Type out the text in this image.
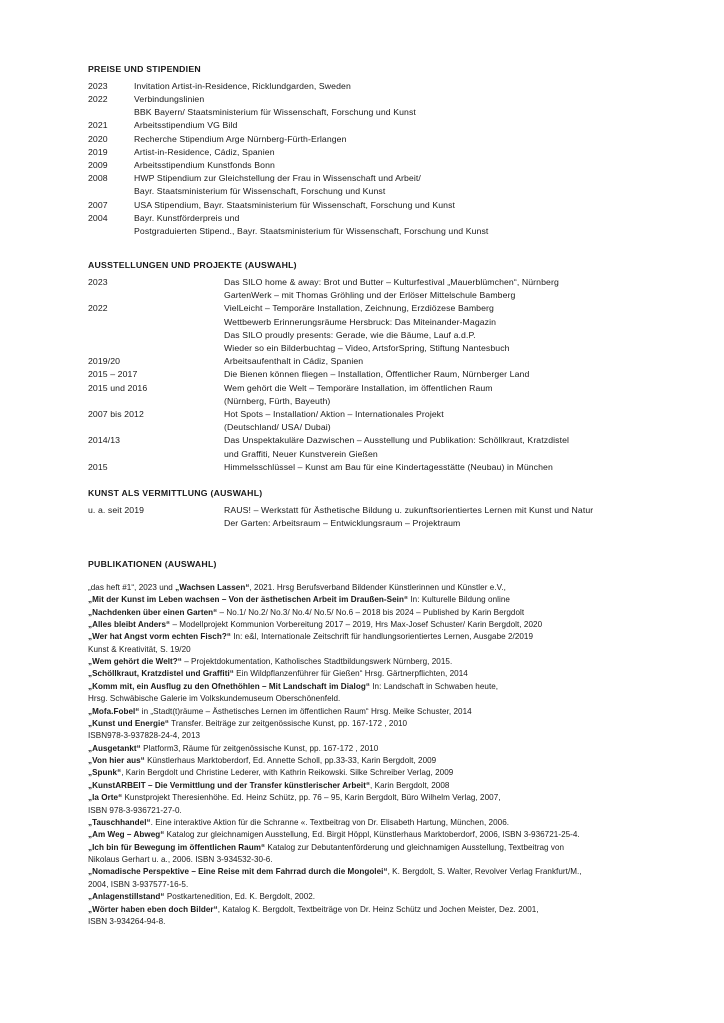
PREISE UND STIPENDIEN
2023	Invitation Artist-in-Residence, Ricklundgarden, Sweden
2022	Verbindungslinien
BBK Bayern/ Staatsministerium für Wissenschaft, Forschung und Kunst
2021	Arbeitsstipendium VG Bild
2020	Recherche Stipendium Arge Nürnberg-Fürth-Erlangen
2019	Artist-in-Residence, Cádiz, Spanien
2009	Arbeitsstipendium Kunstfonds Bonn
2008	HWP Stipendium zur Gleichstellung der Frau in Wissenschaft und Arbeit/
Bayr. Staatsministerium für Wissenschaft, Forschung und Kunst
2007	USA Stipendium, Bayr. Staatsministerium für Wissenschaft, Forschung und Kunst
2004	Bayr. Kunstförderpreis und
Postgraduierten Stipend., Bayr. Staatsministerium für Wissenschaft, Forschung und Kunst
AUSSTELLUNGEN UND PROJEKTE (AUSWAHL)
2023	Das SILO home & away: Brot und Butter – Kulturfestival „Mauerblümchen“, Nürnberg
GartenWerk – mit Thomas Gröhling und der Erlöser Mittelschule Bamberg
2022	VielLeicht – Temporäre Installation, Zeichnung, Erzdiözese Bamberg
Wettbewerb Erinnerungsräume Hersbruck: Das Miteinander-Magazin
Das SILO proudly presents: Gerade, wie die Bäume, Lauf a.d.P.
Wieder so ein Bilderbuchtag – Video, ArtsforSpring, Stiftung Nantesbuch
2019/20	Arbeitsaufenthalt in Cádiz, Spanien
2015 – 2017	Die Bienen können fliegen – Installation, Öffentlicher Raum, Nürnberger Land
2015 und 2016	Wem gehört die Welt – Temporäre Installation, im öffentlichen Raum
(Nürnberg, Fürth, Bayeuth)
2007 bis 2012	Hot Spots – Installation/ Aktion – Internationales Projekt
(Deutschland/ USA/ Dubai)
2014/13	Das Unspektakuläre Dazwischen – Ausstellung und Publikation: Schöllkraut, Kratzdistel
und Graffiti, Neuer Kunstverein Gießen
2015	Himmelsschlüssel – Kunst am Bau für eine Kindertagesstätte (Neubau) in München
KUNST ALS VERMITTLUNG (AUSWAHL)
u. a. seit 2019	RAUS! – Werkstatt für Ästhetische Bildung u. zukunftsorientiertes Lernen mit Kunst und Natur
Der Garten: Arbeitsraum – Entwicklungsraum – Projektraum
PUBLIKATIONEN (AUSWAHL)
„das heft #1“, 2023 und „Wachsen Lassen“, 2021. Hrsg Berufsverband Bildender Künstlerinnen und Künstler e.V.,
„Mit der Kunst im Leben wachsen – Von der ästhetischen Arbeit im Draußen-Sein“ In: Kulturelle Bildung online
„Nachdenken über einen Garten“ – No.1/ No.2/ No.3/ No.4/ No.5/ No.6 – 2018 bis 2024 – Published by Karin Bergdolt
„Alles bleibt Anders“ – Modellprojekt Kommunion Vorbereitung 2017 – 2019, Hrs Max-Josef Schuster/ Karin Bergdolt, 2020
„Wer hat Angst vorm echten Fisch?“ In: e&l, Internationale Zeitschrift für handlungsorientiertes Lernen, Ausgabe 2/2019
Kunst & Kreativität, S. 19/20
„Wem gehört die Welt?“ – Projektdokumentation, Katholisches Stadtbildungswerk Nürnberg, 2015.
„Schöllkraut, Kratzdistel und Graffiti“ Ein Wildpflanzenführer für Gießen“ Hrsg. Gärtnerpflichten, 2014
„Komm mit, ein Ausflug zu den Ofnethöhlen – Mit Landschaft im Dialog“ In: Landschaft in Schwaben heute,
Hrsg. Schwäbische Galerie im Volkskundemuseum Oberschönenfeld.
„Mofa.Fobel“ in „Stadt(t)räume – Ästhetisches Lernen im öffentlichen Raum“ Hrsg. Meike Schuster, 2014
„Kunst und Energie“ Transfer. Beiträge zur zeitgenössische Kunst, pp. 167-172 , 2010
ISBN978-3-937828-24-4, 2013
„Ausgetankt“ Platform3, Räume für zeitgenössische Kunst, pp. 167-172 , 2010
„Von hier aus“ Künstlerhaus Marktoberdorf, Ed. Annette Scholl, pp.33-33, Karin Bergdolt, 2009
„Spunk“, Karin Bergdolt und Christine Lederer, with Kathrin Reikowski. Silke Schreiber Verlag, 2009
„KunstARBEIT – Die Vermittlung und der Transfer künstlerischer Arbeit“, Karin Bergdolt, 2008
„la Orte“ Kunstprojekt Theresienhöhe. Ed. Heinz Schütz, pp. 76 – 95, Karin Bergdolt, Büro Wilhelm Verlag, 2007,
ISBN 978-3-936721-27-0.
„Tauschhandel“. Eine interaktive Aktion für die Schranne «. Textbeitrag von Dr. Elisabeth Hartung, München, 2006.
„Am Weg – Abweg“ Katalog zur gleichnamigen Ausstellung, Ed. Birgit Höppl, Künstlerhaus Marktoberdorf, 2006, ISBN 3-936721-25-4.
„Ich bin für Bewegung im öffentlichen Raum“ Katalog zur Debutantenförderung und gleichnamigen Ausstellung, Textbeitrag von
Nikolaus Gerhart u. a., 2006. ISBN 3-934532-30-6.
„Nomadische Perspektive – Eine Reise mit dem Fahrrad durch die Mongolei“, K. Bergdolt, S. Walter, Revolver Verlag Frankfurt/M.,
2004, ISBN 3-937577-16-5.
„Anlagenstillstand“ Postkartenedition, Ed. K. Bergdolt, 2002.
„Wörter haben eben doch Bilder“, Katalog K. Bergdolt, Textbeiträge von Dr. Heinz Schütz und Jochen Meister, Dez. 2001,
ISBN 3-934264-94-8.
